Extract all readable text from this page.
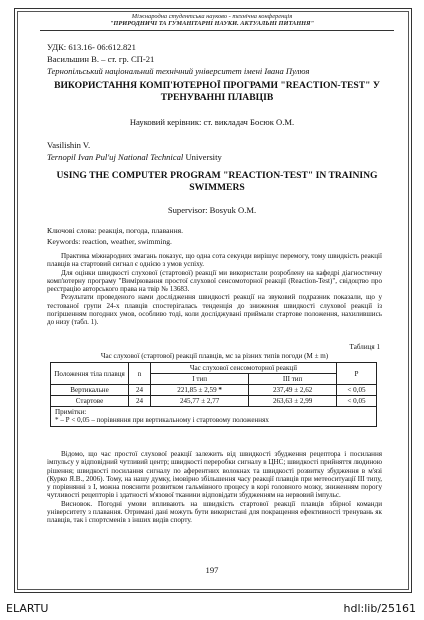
Міжнародна студентська науково - технічна конференція
"ПРИРОДНИЧІ ТА ГУМАНІТАРНІ НАУКИ. АКТУАЛЬНІ ПИТАННЯ"
УДК: 613.16- 06:612.821
Васильшин В. – ст. гр. СП-21
Тернопільський національний технічний університет імені Івана Пулюя
ВИКОРИСТАННЯ КОМП'ЮТЕРНОЇ ПРОГРАМИ "REACTION-TEST" У ТРЕНУВАННІ ПЛАВЦІВ
Науковий керівник: ст. викладач Босюк О.М.
Vasilishin V.
Ternopil Ivan Pul'uj National Technical University
USING THE COMPUTER PROGRAM "REACTION-TEST" IN TRAINING SWIMMERS
Supervisor: Bosyuk O.M.
Ключові слова: реакція, погода, плавання.
Keywords: reaction, weather, swimming.

Практика міжнародних змагань показує, що одна сота секунди вирішує перемогу, тому швидкість реакції плавців на стартовий сигнал є однією з умов успіху.

Для оцінки швидкості слухової (стартової) реакції ми використали розроблену на кафедрі діагностичну комп'ютерну програму "Вимірювання простої слухової сенсомоторної реакції (Reaction-Test)", свідоцтво про реєстрацію авторського права на твір № 13683.

Результати проведеного нами дослідження швидкості реакції на звуковий подразник показали, що у тестованої групи 24-х плавців спостерігалась тенденція до зниження швидкості слухової реакції із погіршенням погодних умов, особливо тоді, коли досліджувані приймали стартове положення, нахилившись до низу (табл. 1).

Таблиця 1
Час слухової (стартової) реакції плавців, мс за різних типів погоди (M ± m)
Положення тіла плавця	n	Час слухової сенсомоторної реакції		Р
		І тип	ІІІ тип	
Вертикальне	24	221,85 ± 2,59 *	237,49 ± 2,62	< 0,05
Стартове	24	245,77 ± 2,77	263,63 ± 2,99	< 0,05

Примітки:
* – Р < 0,05 – порівняння при вертикальному і стартовому положеннях				

Відомо, що час простої слухової реакції залежить від швидкості збудження рецептора і посилання імпульсу у відповідний чутливий центр; швидкості переробки сигналу в ЦНС; швидкості прийняття людиною рішення; швидкості посилання сигналу по аферентних волокнах та швидкості розвитку збудження в м'язі (Курко Я.В., 2006). Тому, на нашу думку, імовірно збільшення часу реакції плавців при метеоситуації ІІІ типу, у порівнянні з І, можна пояснити розвитком гальмівного процесу в корі головного мозку, зниженням порогу чутливості рецепторів і здатності м'язової тканини відповідати збудженням на нервовий імпульс.

Висновок. Погодні умови впливають на швидкість стартової реакції плавців збірної команди університету з плавання. Отримані дані можуть бути використані для покращення ефективності тренувань як плавців, так і спортсменів з інших видів спорту.

197
ELARTU	hdl:lib/25161
